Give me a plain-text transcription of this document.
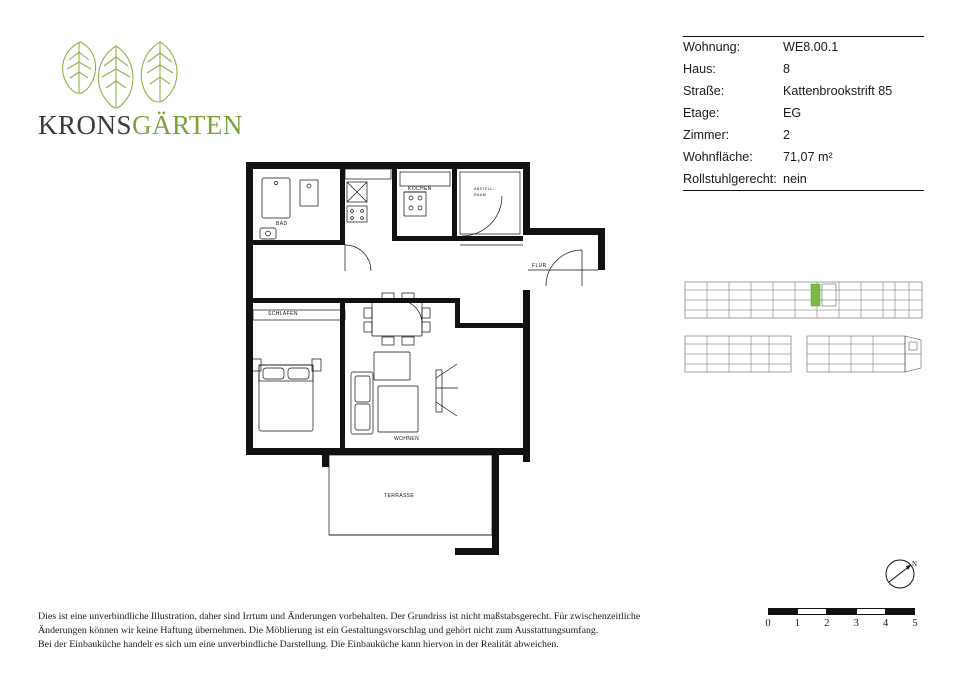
KRONSGÄRTEN
Wohnung:	WE8.00.1
Haus:	8
Straße:	Kattenbrookstrift 85
Etage:	EG
Zimmer:	2
Wohnfläche:	71,07 m²
Rollstuhlgerecht:	nein
BAD
KOCHEN	ABSTELL-
RAUM
FLUR
SCHLAFEN
WOHNEN
TERRASSE
N
0 1 2 3 4 5

Dies ist eine unverbindliche Illustration, daher sind Irrtum und Änderungen vorbehalten. Der Grundriss ist nicht maßstabsgerecht. Für zwischenzeitliche

Änderungen können wir keine Haftung übernehmen. Die Möblierung ist ein Gestaltungsvorschlag und gehört nicht zum Ausstattungsumfang.

Bei der Einbauküche handelt es sich um eine unverbindliche Darstellung. Die Einbauküche kann hiervon in der Realität abweichen.
